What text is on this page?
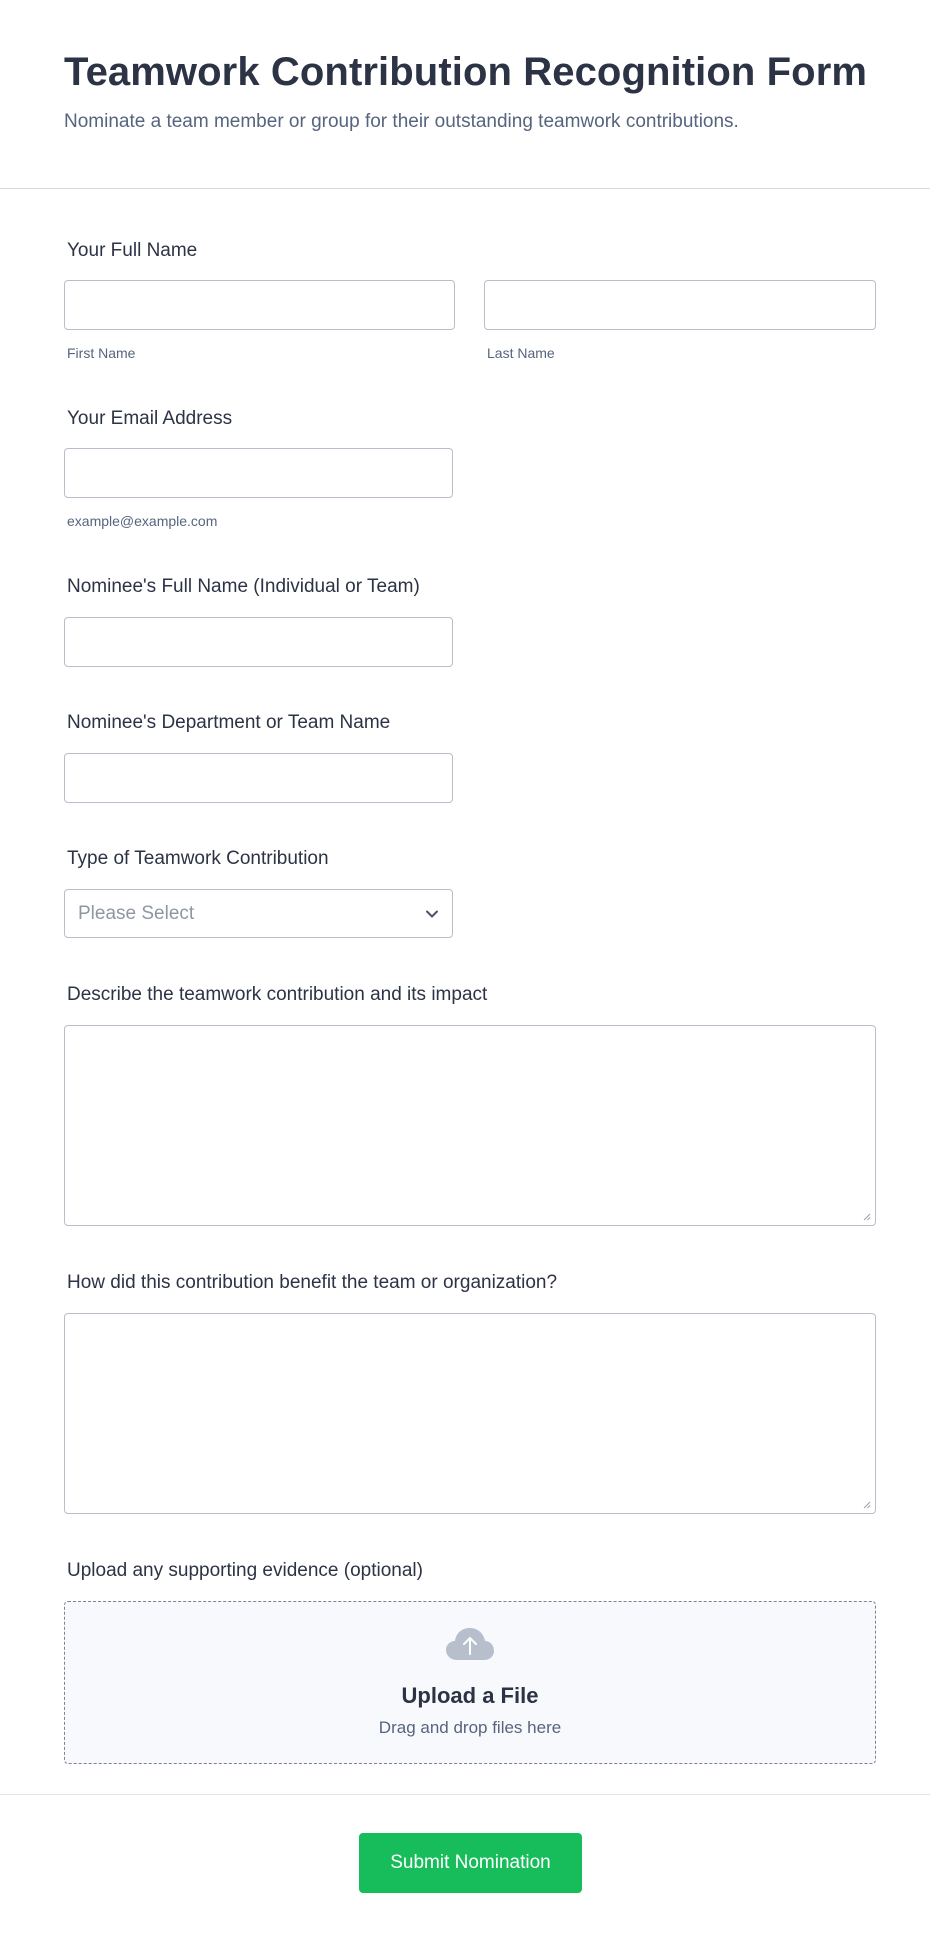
Teamwork Contribution Recognition Form

Nominate a team member or group for their outstanding teamwork contributions.

Your Full Name
First Name	Last Name
Your Email Address
example@example.com
Nominee's Full Name (Individual or Team)
Nominee's Department or Team Name
Type of Teamwork Contribution
Please Select
Describe the teamwork contribution and its impact
How did this contribution benefit the team or organization?
Upload any supporting evidence (optional)
Upload a File
Drag and drop files here
Submit Nomination
